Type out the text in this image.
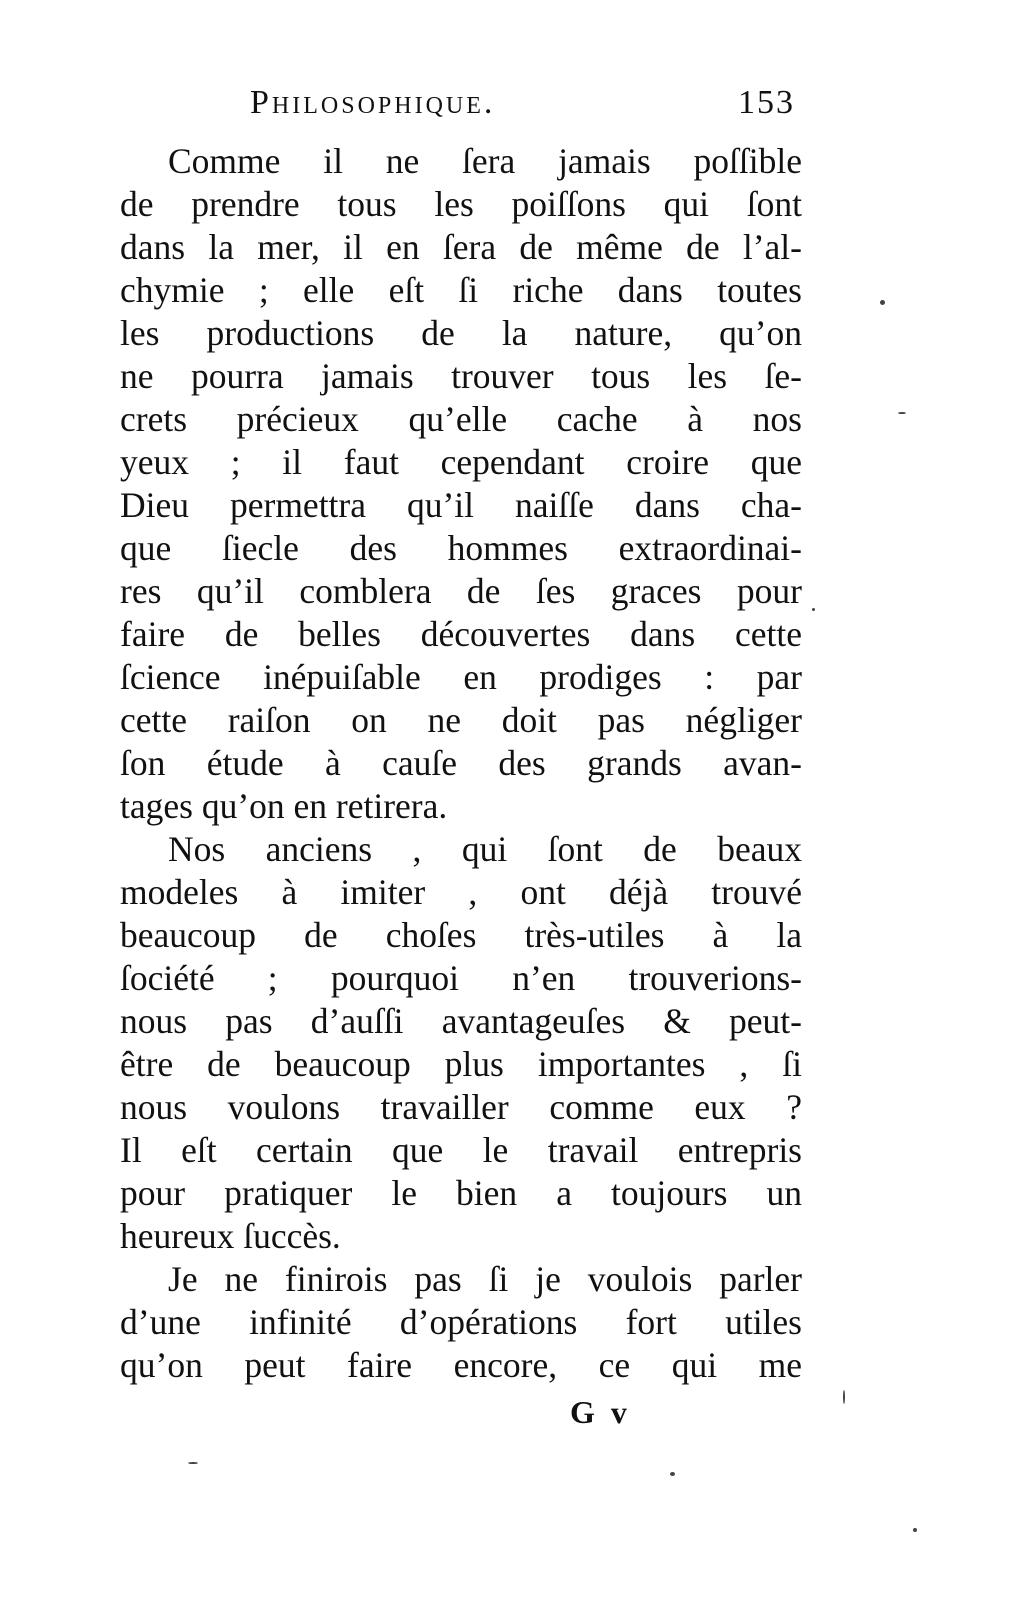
Philosophique.	153
Comme il ne ſera jamais poſſible
de prendre tous les poiſſons qui ſont
dans la mer, il en ſera de même de l’al-
chymie ; elle eſt ſi riche dans toutes
les productions de la nature, qu’on
ne pourra jamais trouver tous les ſe-
crets précieux qu’elle cache à nos
yeux ; il faut cependant croire que
Dieu permettra qu’il naiſſe dans cha-
que ſiecle des hommes extraordinai-
res qu’il comblera de ſes graces pour
faire de belles découvertes dans cette
ſcience inépuiſable en prodiges : par
cette raiſon on ne doit pas négliger
ſon étude à cauſe des grands avan-
tages qu’on en retirera.
Nos anciens , qui ſont de beaux
modeles à imiter , ont déjà trouvé
beaucoup de choſes très-utiles à la
ſociété ; pourquoi n’en trouverions-
nous pas d’auſſi avantageuſes & peut-
être de beaucoup plus importantes , ſi
nous voulons travailler comme eux ?
Il eſt certain que le travail entrepris
pour pratiquer le bien a toujours un
heureux ſuccès.
Je ne finirois pas ſi je voulois parler
d’une infinité d’opérations fort utiles
qu’on peut faire encore, ce qui me
G v
